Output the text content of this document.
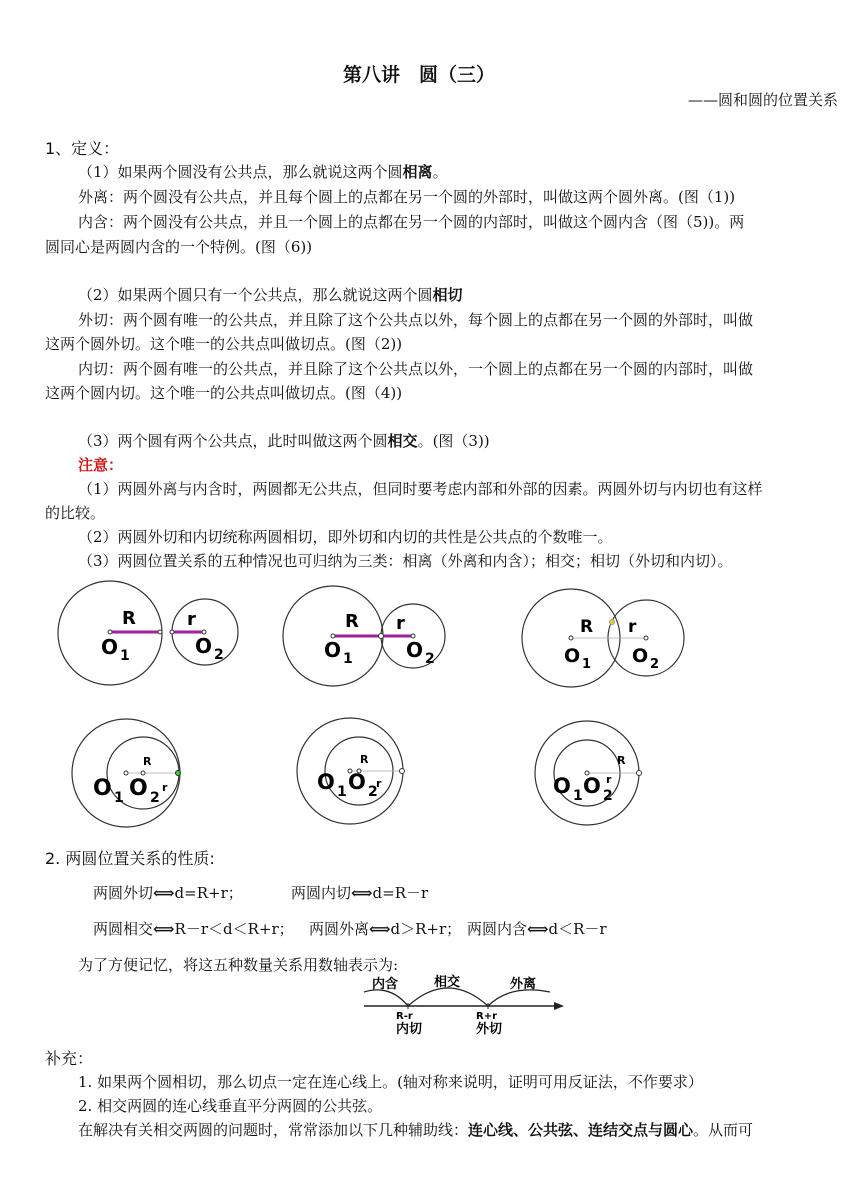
第八讲　圆（三）
——圆和圆的位置关系
1、定义：
（1）如果两个圆没有公共点，那么就说这两个圆相离。
外离：两个圆没有公共点，并且每个圆上的点都在另一个圆的外部时，叫做这两个圆外离。(图（1))
内含：两个圆没有公共点，并且一个圆上的点都在另一个圆的内部时，叫做这个圆内含（图（5))。两
圆同心是两圆内含的一个特例。(图（6))
（2）如果两个圆只有一个公共点，那么就说这两个圆相切
外切：两个圆有唯一的公共点，并且除了这个公共点以外，每个圆上的点都在另一个圆的外部时，叫做
这两个圆外切。这个唯一的公共点叫做切点。(图（2))
内切：两个圆有唯一的公共点，并且除了这个公共点以外，一个圆上的点都在另一个圆的内部时，叫做
这两个圆内切。这个唯一的公共点叫做切点。(图（4))
（3）两个圆有两个公共点，此时叫做这两个圆相交。(图（3))
注意：
（1）两圆外离与内含时，两圆都无公共点，但同时要考虑内部和外部的因素。两圆外切与内切也有这样
的比较。
（2）两圆外切和内切统称两圆相切，即外切和内切的共性是公共点的个数唯一。
（3）两圆位置关系的五种情况也可归纳为三类：相离（外离和内含）；相交；相切（外切和内切）。
R	r
O 1	O 2
R r
O 1	O 2
R r
O 1 O 2
R
O 1 O 2
r
R
O 1 O 2
r
R
O 1 O 2
r
2. 两圆位置关系的性质:
两圆外切⟺d=R+r；	两圆内切⟺d=R－r
两圆相交⟺R－r＜d＜R+r； 两圆外离⟺d＞R+r； 两圆内含⟺d＜R－r
为了方便记忆，将这五种数量关系用数轴表示为:
内含	相交	外离
R-r
内切
R+r
外切
补充：
1. 如果两个圆相切，那么切点一定在连心线上。(轴对称来说明，证明可用反证法，不作要求）
2. 相交两圆的连心线垂直平分两圆的公共弦。
在解决有关相交两圆的问题时，常常添加以下几种辅助线：连心线、公共弦、连结交点与圆心。从而可
